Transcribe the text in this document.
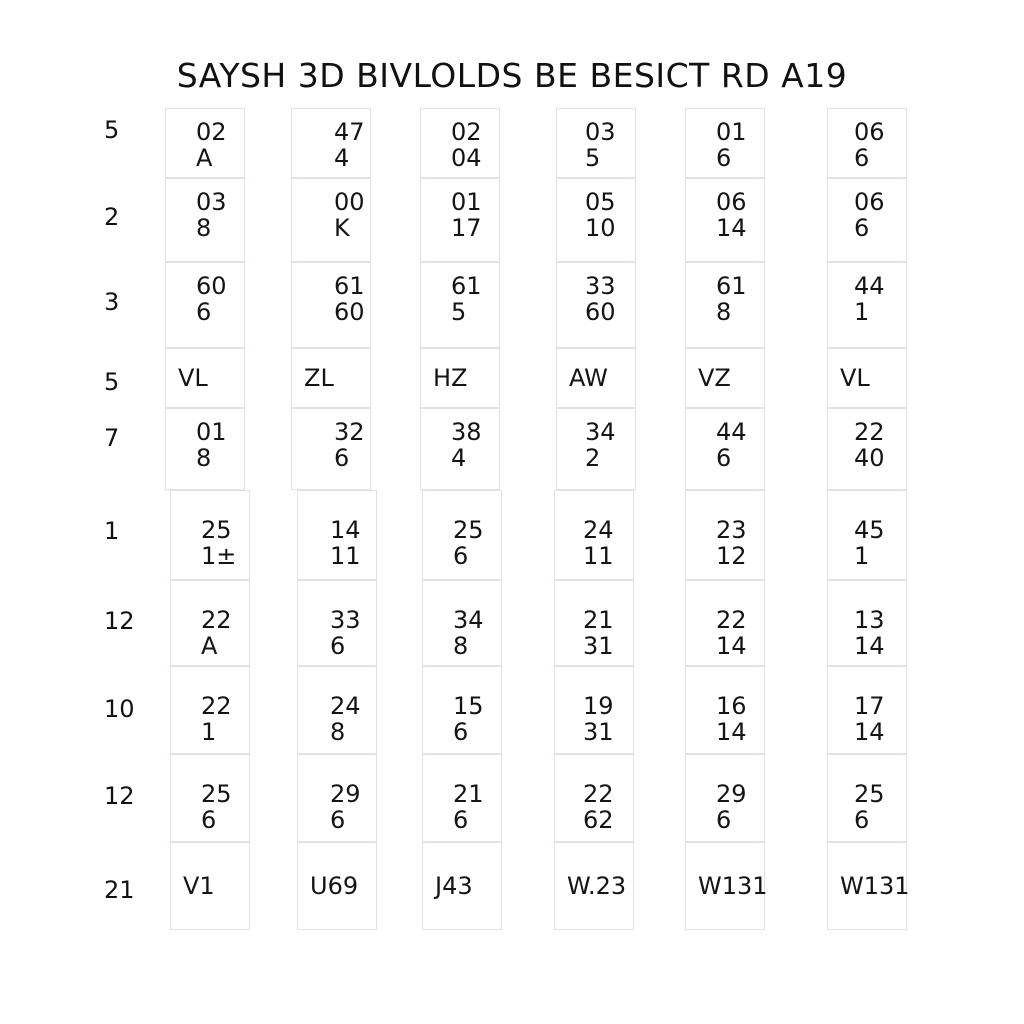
SAYSH 3D BIVLOLDS BE BESICT RD A19
5
2
3
5
7
1
12
10
12
21
02
A
03
8
60
6
VL
01
8
25
1±
22
A
22
1
25
6
V1
47
4
00
K
61
60
ZL
32
6
14
11
33
6
24
8
29
6
U69
02
04
01
17
61
5
HZ
38
4
25
6
34
8
15
6
21
6
J43
03
5
05
10
33
60
AW
34
2
24
11
21
31
19
31
22
62
W.23
01
6
06
14
61
8
VZ
44
6
23
12
22
14
16
14
29
6
W131
06
6
06
6
44
1
VL
22
40
45
1
13
14
17
14
25
6
W131
